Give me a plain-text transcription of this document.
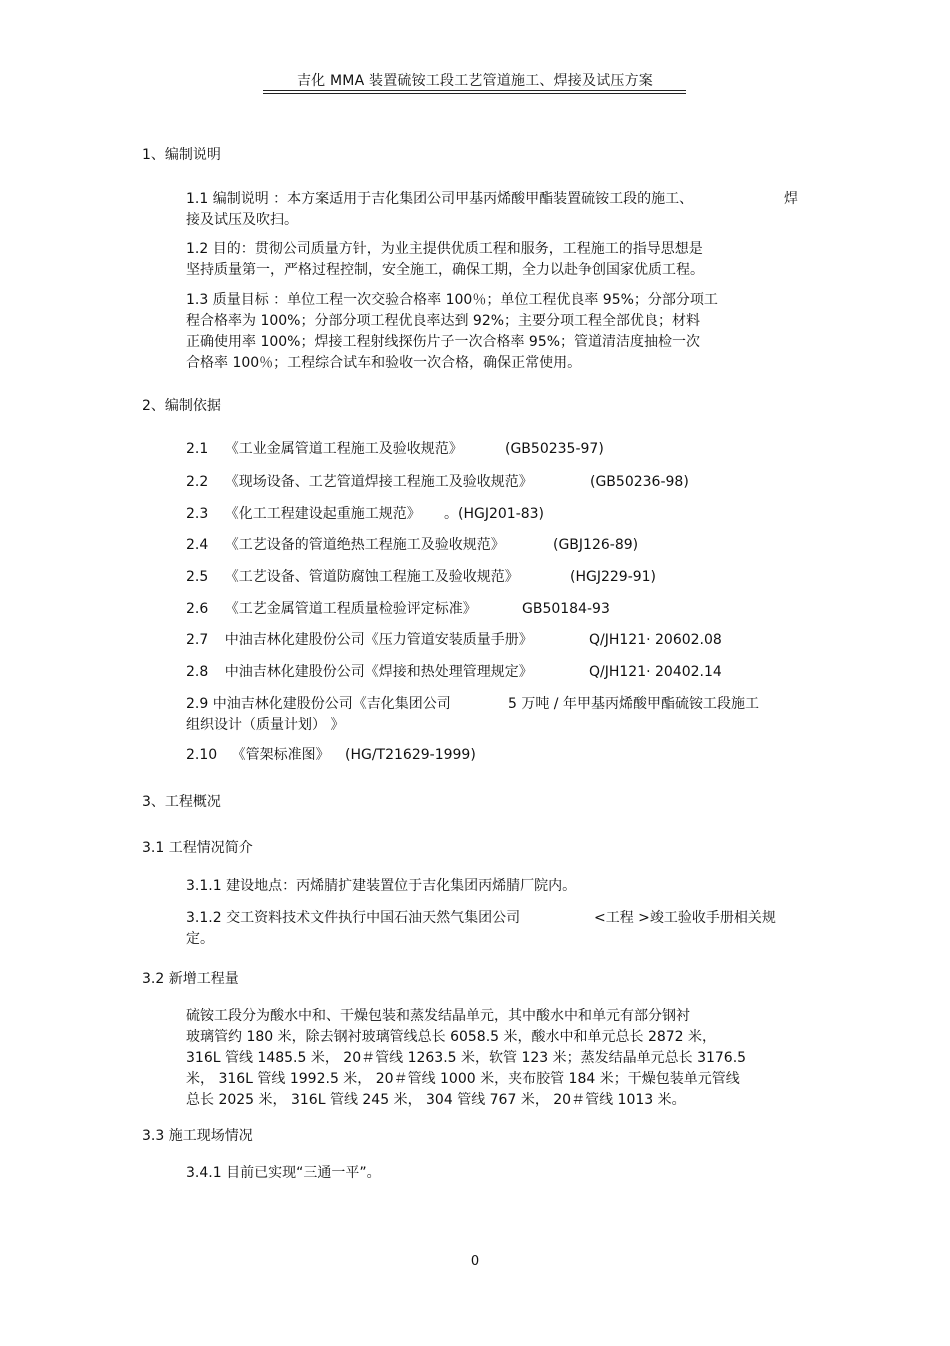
吉化 MMA 装置硫铵工段工艺管道施工、焊接及试压方案
1、编制说明
1.1 编制说明 ：本方案适用于吉化集团公司甲基丙烯酸甲酯装置硫铵工段的施工、	焊
接及试压及吹扫。
1.2 目的：贯彻公司质量方针，为业主提供优质工程和服务，工程施工的指导思想是
坚持质量第一，严格过程控制，安全施工，确保工期，全力以赴争创国家优质工程。
1.3 质量目标 ：单位工程一次交验合格率 100％；单位工程优良率 95%；分部分项工
程合格率为 100%；分部分项工程优良率达到 92%；主要分项工程全部优良；材料
正确使用率 100%；焊接工程射线探伤片子一次合格率 95%；管道清洁度抽检一次
合格率 100％；工程综合试车和验收一次合格，确保正常使用。
2、编制依据
2.1 《工业金属管道工程施工及验收规范》	(GB50235-97)
2.2 《现场设备、工艺管道焊接工程施工及验收规范》	(GB50236-98)
2.3 《化工工程建设起重施工规范》 。(HGJ201-83)
2.4 《工艺设备的管道绝热工程施工及验收规范》	(GBJ126-89)
2.5 《工艺设备、管道防腐蚀工程施工及验收规范》	(HGJ229-91)
2.6 《工艺金属管道工程质量检验评定标准》	GB50184-93
2.7 中油吉林化建股份公司《压力管道安装质量手册》	Q/JH121· 20602.08
2.8 中油吉林化建股份公司《焊接和热处理管理规定》	Q/JH121· 20402.14
2.9 中油吉林化建股份公司《吉化集团公司	5 万吨 / 年甲基丙烯酸甲酯硫铵工段施工
组织设计（质量计划） 》
2.10 《管架标准图》 (HG/T21629-1999)
3、工程概况
3.1 工程情况简介
3.1.1 建设地点：丙烯腈扩建装置位于吉化集团丙烯腈厂院内。
3.1.2 交工资料技术文件执行中国石油天然气集团公司	<工程 >竣工验收手册相关规
定。
3.2 新增工程量
硫铵工段分为酸水中和、干燥包装和蒸发结晶单元，其中酸水中和单元有部分钢衬
玻璃管约 180 米，除去钢衬玻璃管线总长 6058.5 米，酸水中和单元总长 2872 米，
316L 管线 1485.5 米， 20＃管线 1263.5 米，软管 123 米；蒸发结晶单元总长 3176.5
米， 316L 管线 1992.5 米， 20＃管线 1000 米，夹布胶管 184 米；干燥包装单元管线
总长 2025 米， 316L 管线 245 米， 304 管线 767 米， 20＃管线 1013 米。
3.3 施工现场情况
3.4.1 目前已实现“三通一平”。
0
